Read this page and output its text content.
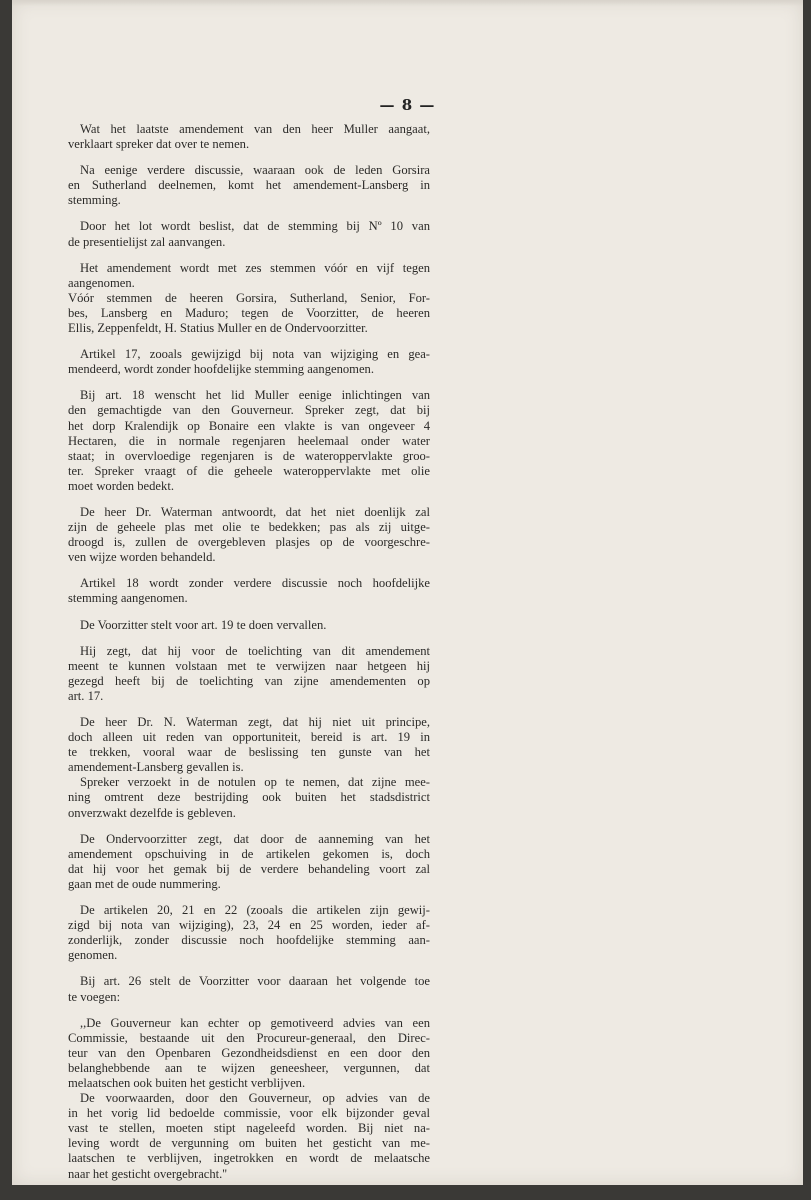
— 8 —
Wat het laatste amendement van den heer Muller aangaat,
verklaart spreker dat over te nemen.
Na eenige verdere discussie, waaraan ook de leden Gorsira
en Sutherland deelnemen, komt het amendement-Lansberg in
stemming.
Door het lot wordt beslist, dat de stemming bij Nº 10 van
de presentielijst zal aanvangen.
Het amendement wordt met zes stemmen vóór en vijf tegen
aangenomen.
Vóór stemmen de heeren Gorsira, Sutherland, Senior, For-
bes, Lansberg en Maduro; tegen de Voorzitter, de heeren
Ellis, Zeppenfeldt, H. Statius Muller en de Ondervoorzitter.
Artikel 17, zooals gewijzigd bij nota van wijziging en gea-
mendeerd, wordt zonder hoofdelijke stemming aangenomen.
Bij art. 18 wenscht het lid Muller eenige inlichtingen van
den gemachtigde van den Gouverneur. Spreker zegt, dat bij
het dorp Kralendijk op Bonaire een vlakte is van ongeveer 4
Hectaren, die in normale regenjaren heelemaal onder water
staat; in overvloedige regenjaren is de wateroppervlakte groo-
ter. Spreker vraagt of die geheele wateroppervlakte met olie
moet worden bedekt.
De heer Dr. Waterman antwoordt, dat het niet doenlijk zal
zijn de geheele plas met olie te bedekken; pas als zij uitge-
droogd is, zullen de overgebleven plasjes op de voorgeschre-
ven wijze worden behandeld.
Artikel 18 wordt zonder verdere discussie noch hoofdelijke
stemming aangenomen.
De Voorzitter stelt voor art. 19 te doen vervallen.
Hij zegt, dat hij voor de toelichting van dit amendement
meent te kunnen volstaan met te verwijzen naar hetgeen hij
gezegd heeft bij de toelichting van zijne amendementen op
art. 17.
De heer Dr. N. Waterman zegt, dat hij niet uit principe,
doch alleen uit reden van opportuniteit, bereid is art. 19 in
te trekken, vooral waar de beslissing ten gunste van het
amendement-Lansberg gevallen is.
Spreker verzoekt in de notulen op te nemen, dat zijne mee-
ning omtrent deze bestrijding ook buiten het stadsdistrict
onverzwakt dezelfde is gebleven.
De Ondervoorzitter zegt, dat door de aanneming van het
amendement opschuiving in de artikelen gekomen is, doch
dat hij voor het gemak bij de verdere behandeling voort zal
gaan met de oude nummering.
De artikelen 20, 21 en 22 (zooals die artikelen zijn gewij-
zigd bij nota van wijziging), 23, 24 en 25 worden, ieder af-
zonderlijk, zonder discussie noch hoofdelijke stemming aan-
genomen.
Bij art. 26 stelt de Voorzitter voor daaraan het volgende toe
te voegen:
,,De Gouverneur kan echter op gemotiveerd advies van een
Commissie, bestaande uit den Procureur-generaal, den Direc-
teur van den Openbaren Gezondheidsdienst en een door den
belanghebbende aan te wijzen geneesheer, vergunnen, dat
melaatschen ook buiten het gesticht verblijven.
De voorwaarden, door den Gouverneur, op advies van de
in het vorig lid bedoelde commissie, voor elk bijzonder geval
vast te stellen, moeten stipt nageleefd worden. Bij niet na-
leving wordt de vergunning om buiten het gesticht van me-
laatschen te verblijven, ingetrokken en wordt de melaatsche
naar het gesticht overgebracht.''
